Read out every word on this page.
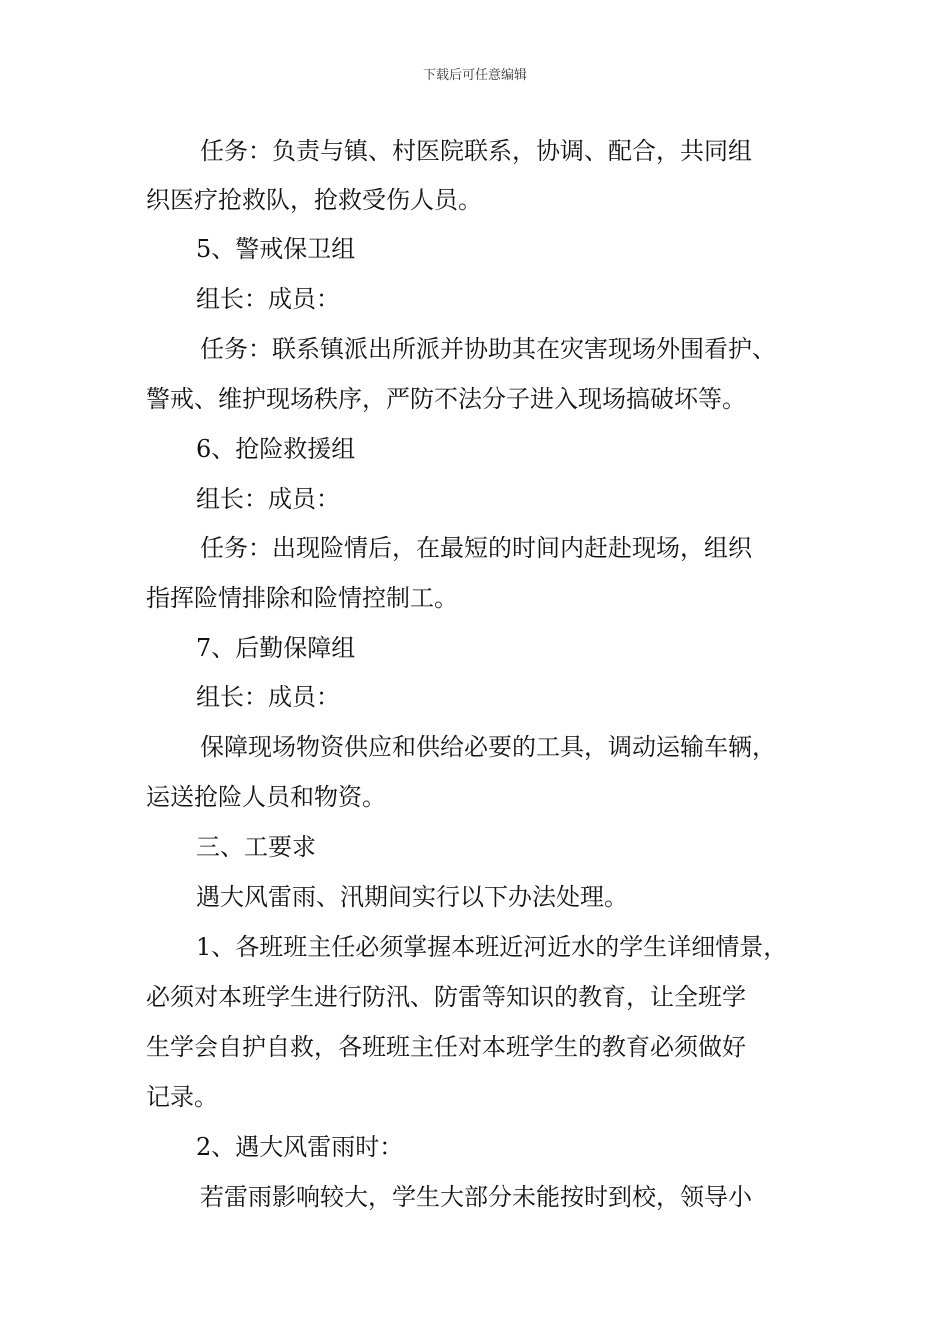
下载后可任意编辑
任务：负责与镇、村医院联系，协调、配合，共同组
织医疗抢救队，抢救受伤人员。
5、警戒保卫组
组长：成员：
任务：联系镇派出所派并协助其在灾害现场外围看护、
警戒、维护现场秩序，严防不法分子进入现场搞破坏等。
6、抢险救援组
组长：成员：
任务：出现险情后，在最短的时间内赶赴现场，组织
指挥险情排除和险情控制工。
7、后勤保障组
组长：成员：
保障现场物资供应和供给必要的工具，调动运输车辆，
运送抢险人员和物资。
三、工要求
遇大风雷雨、汛期间实行以下办法处理。
1、各班班主任必须掌握本班近河近水的学生详细情景，
必须对本班学生进行防汛、防雷等知识的教育，让全班学
生学会自护自救，各班班主任对本班学生的教育必须做好
记录。
2、遇大风雷雨时：
若雷雨影响较大，学生大部分未能按时到校，领导小
